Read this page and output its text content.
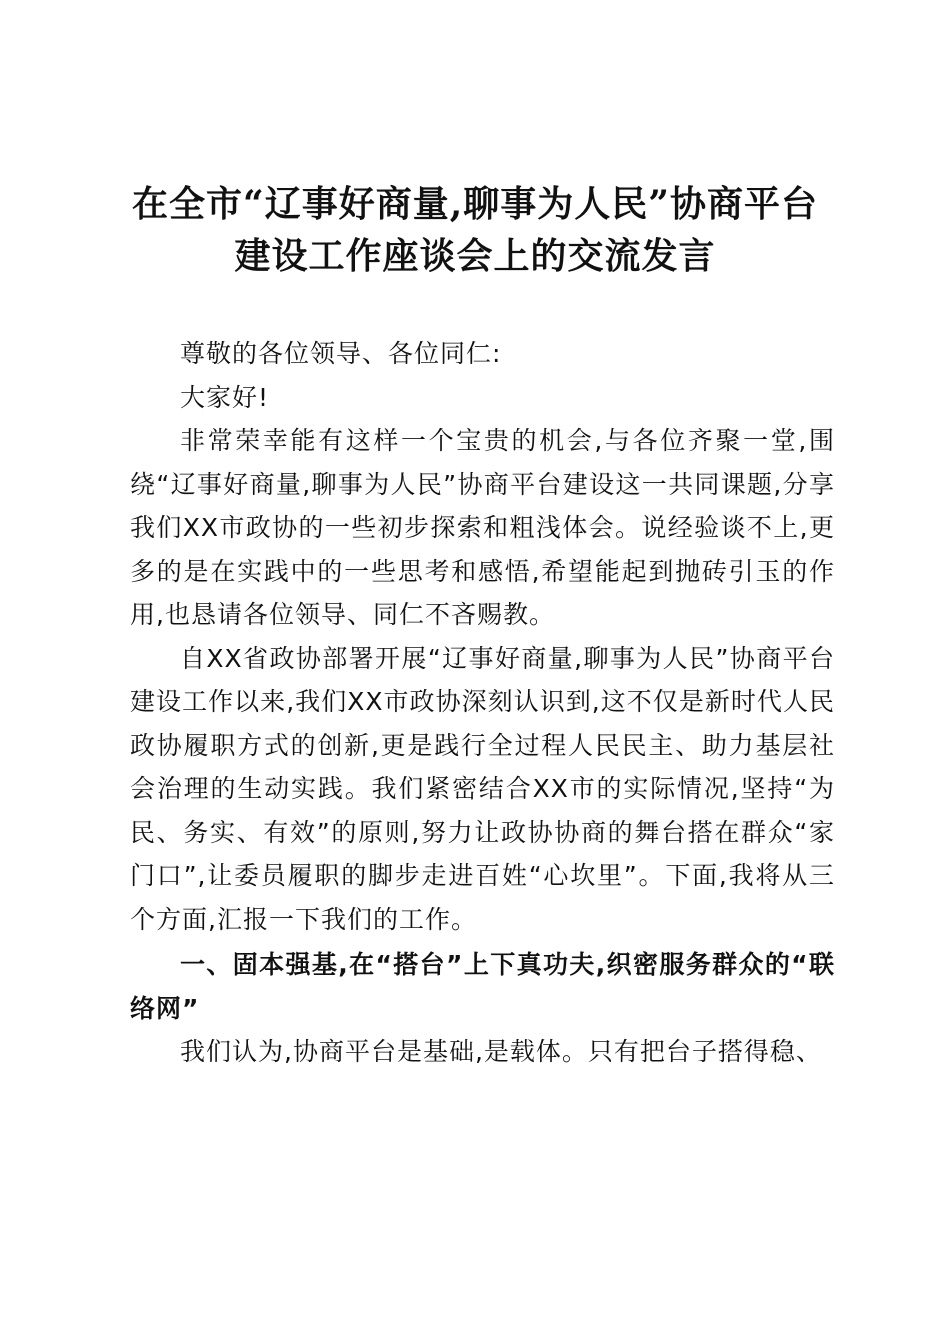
在全市“辽事好商量,聊事为人民”协商平台
建设工作座谈会上的交流发言

尊敬的各位领导、各位同仁:

大家好!

非常荣幸能有这样一个宝贵的机会,与各位齐聚一堂,围绕“辽事好商量,聊事为人民”协商平台建设这一共同课题,分享我们XX市政协的一些初步探索和粗浅体会。说经验谈不上,更多的是在实践中的一些思考和感悟,希望能起到抛砖引玉的作用,也恳请各位领导、同仁不吝赐教。

自XX省政协部署开展“辽事好商量,聊事为人民”协商平台建设工作以来,我们XX市政协深刻认识到,这不仅是新时代人民政协履职方式的创新,更是践行全过程人民民主、助力基层社会治理的生动实践。我们紧密结合XX市的实际情况,坚持“为民、务实、有效”的原则,努力让政协协商的舞台搭在群众“家门口”,让委员履职的脚步走进百姓“心坎里”。下面,我将从三个方面,汇报一下我们的工作。

一、固本强基,在“搭台”上下真功夫,织密服务群众的“联络网”

我们认为,协商平台是基础,是载体。只有把台子搭得稳、
